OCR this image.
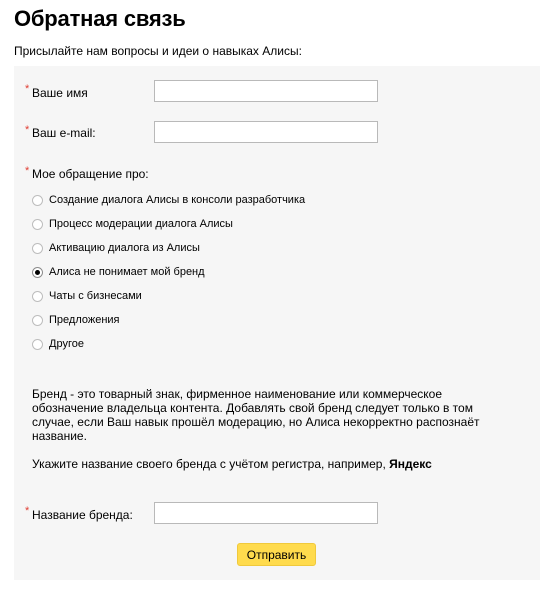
Обратная связь
Присылайте нам вопросы и идеи о навыках Алисы:
* Ваше имя
* Ваш e-mail:
* Мое обращение про:
Создание диалога Алисы в консоли разработчика
Процесс модерации диалога Алисы
Активацию диалога из Алисы
Алиса не понимает мой бренд
Чаты с бизнесами
Предложения
Другое
Бренд - это товарный знак, фирменное наименование или коммерческое обозначение владельца контента. Добавлять свой бренд следует только в том случае, если Ваш навык прошёл модерацию, но Алиса некорректно распознаёт название.
Укажите название своего бренда с учётом регистра, например, Яндекс
* Название бренда:
Отправить
